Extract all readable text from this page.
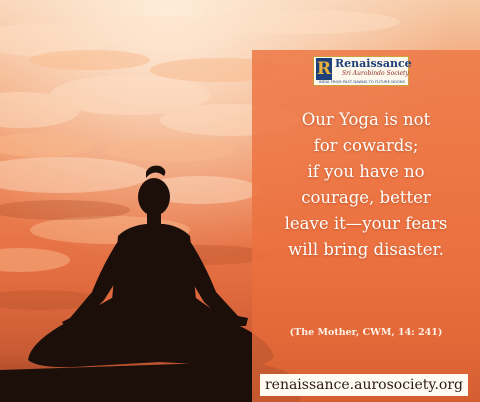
R Renaissance
Sri Aurobindo Society
INDIA FROM PAST DAWNS TO FUTURE NOONS
Our Yoga is not
for cowards;
if you have no
courage, better
leave it—your fears
will bring disaster.
(The Mother, CWM, 14: 241)
renaissance.aurosociety.org
